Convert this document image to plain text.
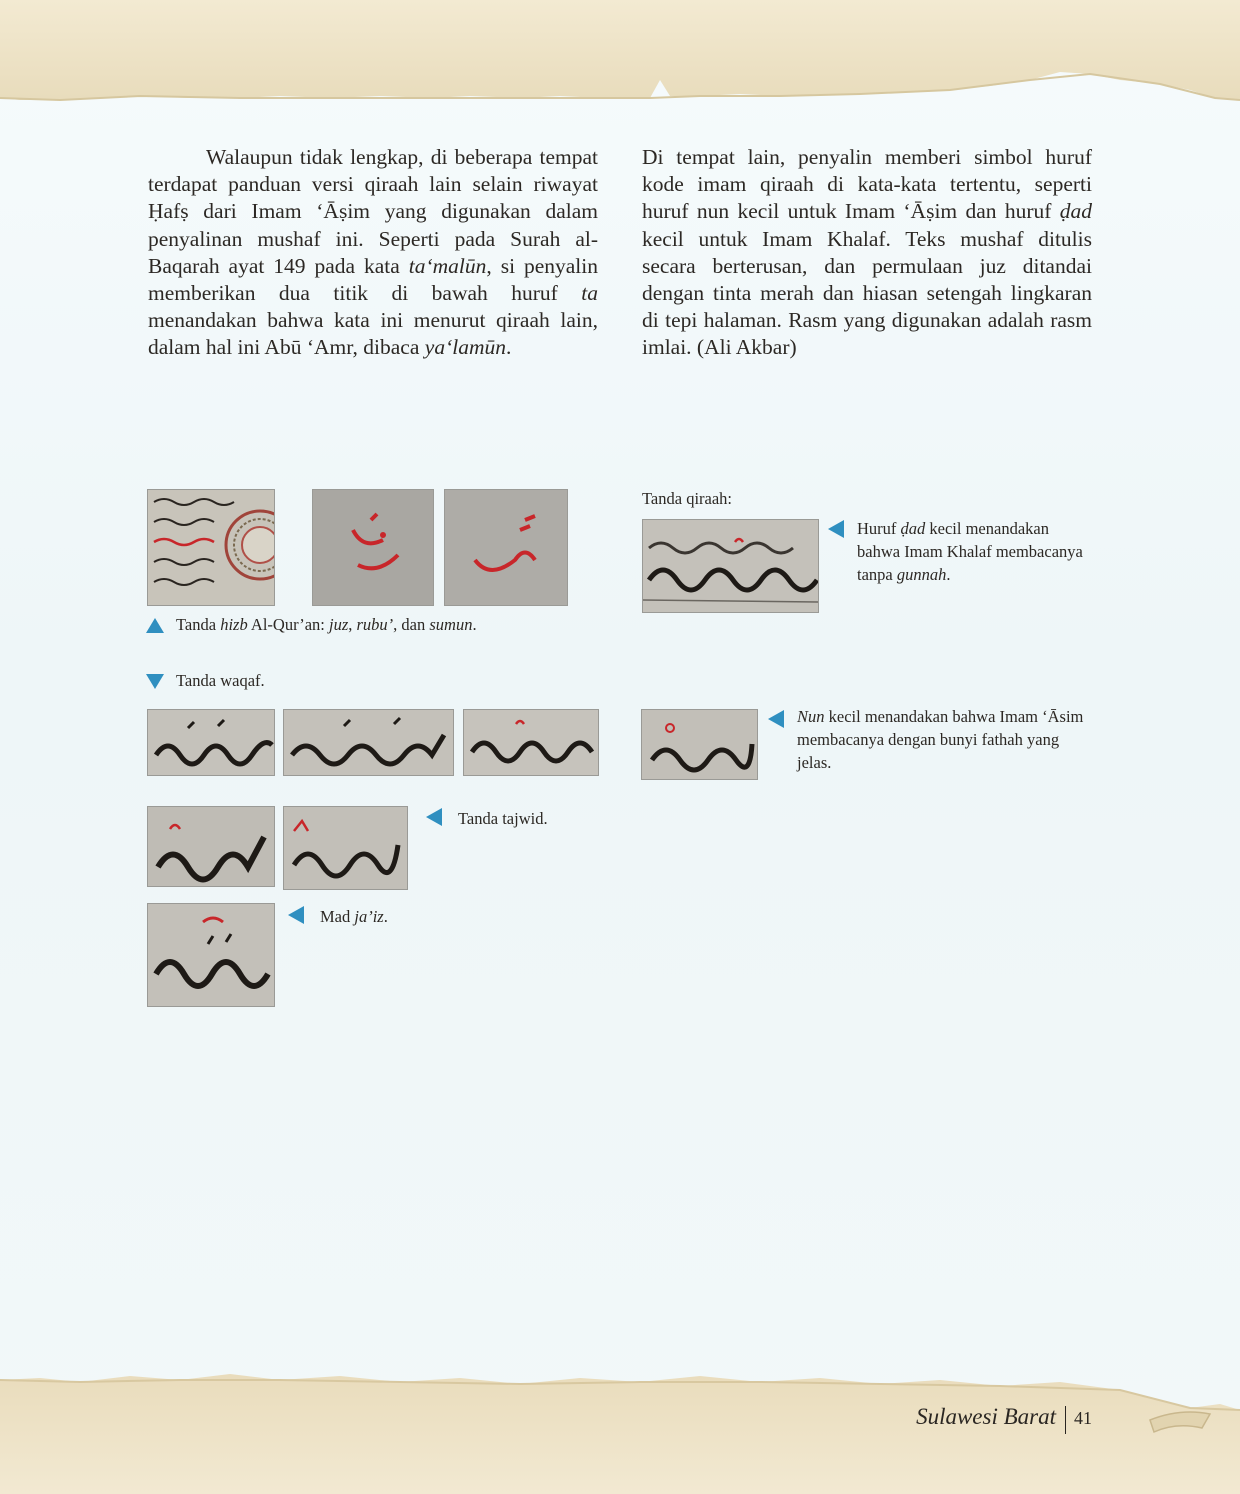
Walaupun tidak lengkap, di beberapa tempat terdapat panduan versi qiraah lain selain riwayat Ḥafṣ dari Imam ʻĀṣim yang digunakan dalam penyalinan mushaf ini. Seperti pada Surah al-Baqarah ayat 149 pada kata taʻmalūn, si penyalin memberikan dua titik di bawah huruf ta menandakan bahwa kata ini menurut qiraah lain, dalam hal ini Abū ʻAmr, dibaca yaʻlamūn.

Di tempat lain, penyalin memberi simbol huruf kode imam qiraah di kata-kata tertentu, seperti huruf nun kecil untuk Imam ʻĀṣim dan huruf ḍad kecil untuk Imam Khalaf. Teks mushaf ditulis secara berterusan, dan permulaan juz ditandai dengan tinta merah dan hiasan setengah lingkaran di tepi halaman. Rasm yang digunakan adalah rasm imlai. (Ali Akbar)

Tanda hizb Al-Qur’an: juz, rubu’, dan sumun.
Tanda waqaf.
Tanda tajwid.
Mad ja’iz.
Tanda qiraah:
Huruf ḍad kecil menandakan bahwa Imam Khalaf membacanya tanpa gunnah.
Nun kecil menandakan bahwa Imam ʻĀsim membacanya dengan bunyi fathah yang jelas.
Sulawesi Barat 41
